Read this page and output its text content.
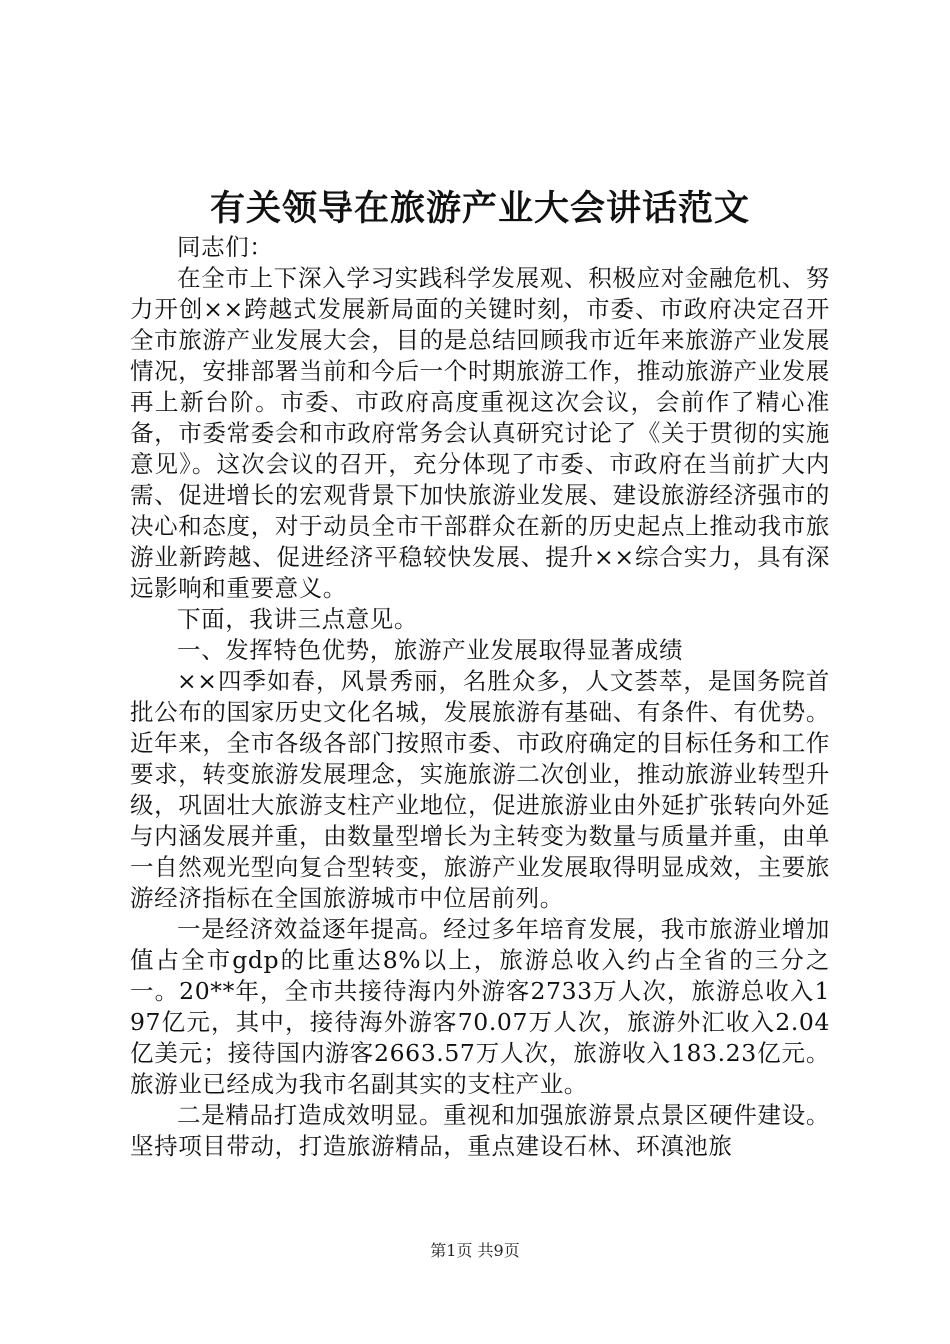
有关领导在旅游产业大会讲话范文

同志们：

在全市上下深入学习实践科学发展观、积极应对金融危机、努力开创××跨越式发展新局面的关键时刻，市委、市政府决定召开全市旅游产业发展大会，目的是总结回顾我市近年来旅游产业发展情况，安排部署当前和今后一个时期旅游工作，推动旅游产业发展再上新台阶。市委、市政府高度重视这次会议，会前作了精心准备，市委常委会和市政府常务会认真研究讨论了《关于贯彻的实施意见》。这次会议的召开，充分体现了市委、市政府在当前扩大内需、促进增长的宏观背景下加快旅游业发展、建设旅游经济强市的决心和态度，对于动员全市干部群众在新的历史起点上推动我市旅游业新跨越、促进经济平稳较快发展、提升××综合实力，具有深远影响和重要意义。

下面，我讲三点意见。

一、发挥特色优势，旅游产业发展取得显著成绩

××四季如春，风景秀丽，名胜众多，人文荟萃，是国务院首批公布的国家历史文化名城，发展旅游有基础、有条件、有优势。近年来，全市各级各部门按照市委、市政府确定的目标任务和工作要求，转变旅游发展理念，实施旅游二次创业，推动旅游业转型升级，巩固壮大旅游支柱产业地位，促进旅游业由外延扩张转向外延与内涵发展并重，由数量型增长为主转变为数量与质量并重，由单一自然观光型向复合型转变，旅游产业发展取得明显成效，主要旅游经济指标在全国旅游城市中位居前列。

一是经济效益逐年提高。经过多年培育发展，我市旅游业增加值占全市gdp的比重达8%以上，旅游总收入约占全省的三分之一。20**年，全市共接待海内外游客2733万人次，旅游总收入197亿元，其中，接待海外游客70.07万人次，旅游外汇收入2.04亿美元；接待国内游客2663.57万人次，旅游收入183.23亿元。旅游业已经成为我市名副其实的支柱产业。

二是精品打造成效明显。重视和加强旅游景点景区硬件建设。坚持项目带动，打造旅游精品，重点建设石林、环滇池旅

第1页 共9页
